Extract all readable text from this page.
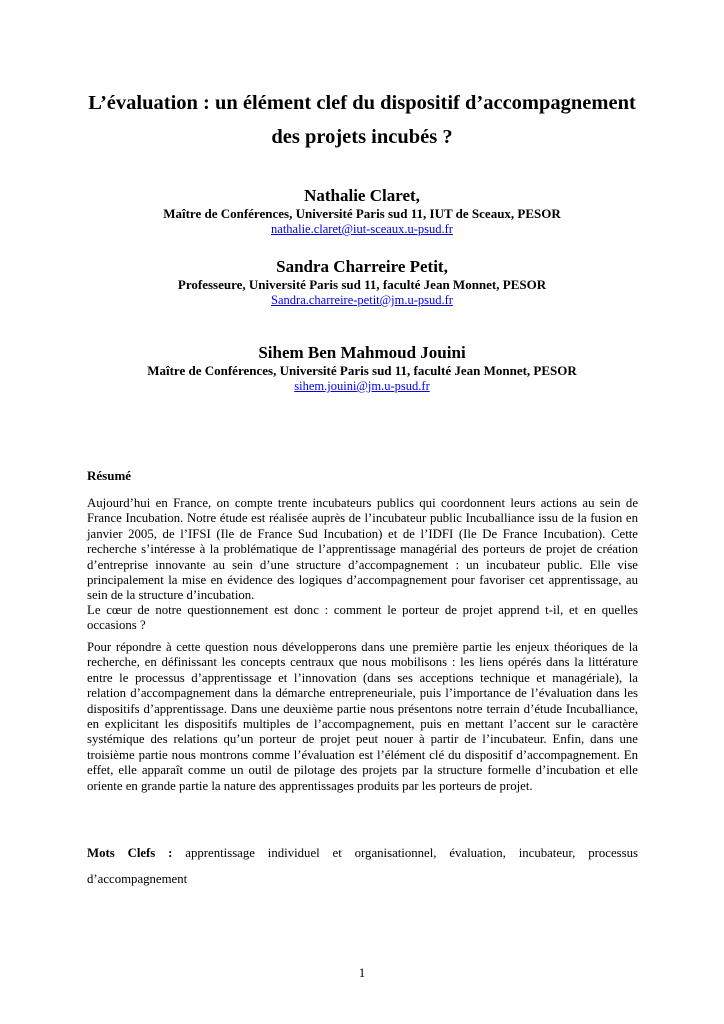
L’évaluation : un élément clef du dispositif d’accompagnement
des projets incubés ?
Nathalie Claret,
Maître de Conférences, Université Paris sud 11, IUT de Sceaux, PESOR
nathalie.claret@iut-sceaux.u-psud.fr
Sandra Charreire Petit,
Professeure, Université Paris sud 11, faculté Jean Monnet, PESOR
Sandra.charreire-petit@jm.u-psud.fr
Sihem Ben Mahmoud Jouini
Maître de Conférences, Université Paris sud 11, faculté Jean Monnet, PESOR
sihem.jouini@jm.u-psud.fr
Résumé

Aujourd’hui en France, on compte trente incubateurs publics qui coordonnent leurs actions au sein de France Incubation. Notre étude est réalisée auprès de l’incubateur public Incuballiance issu de la fusion en janvier 2005, de l’IFSI (Ile de France Sud Incubation) et de l’IDFI (Ile De France Incubation). Cette recherche s’intéresse à la problématique de l’apprentissage managérial des porteurs de projet de création d’entreprise innovante au sein d’une structure d’accompagnement : un incubateur public. Elle vise principalement la mise en évidence des logiques d’accompagnement pour favoriser cet apprentissage, au sein de la structure d’incubation.

Le cœur de notre questionnement est donc : comment le porteur de projet apprend t-il, et en quelles occasions ?

Pour répondre à cette question nous développerons dans une première partie les enjeux théoriques de la recherche, en définissant les concepts centraux que nous mobilisons : les liens opérés dans la littérature entre le processus d’apprentissage et l’innovation (dans ses acceptions technique et managériale), la relation d’accompagnement dans la démarche entrepreneuriale, puis l’importance de l’évaluation dans les dispositifs d’apprentissage. Dans une deuxième partie nous présentons notre terrain d’étude Incuballiance, en explicitant les dispositifs multiples de l’accompagnement, puis en mettant l’accent sur le caractère systémique des relations qu’un porteur de projet peut nouer à partir de l’incubateur. Enfin, dans une troisième partie nous montrons comme l’évaluation est l’élément clé du dispositif d’accompagnement. En effet, elle apparaît comme un outil de pilotage des projets par la structure formelle d’incubation et elle oriente en grande partie la nature des apprentissages produits par les porteurs de projet.

Mots Clefs : apprentissage individuel et organisationnel, évaluation, incubateur, processus d’accompagnement

1
